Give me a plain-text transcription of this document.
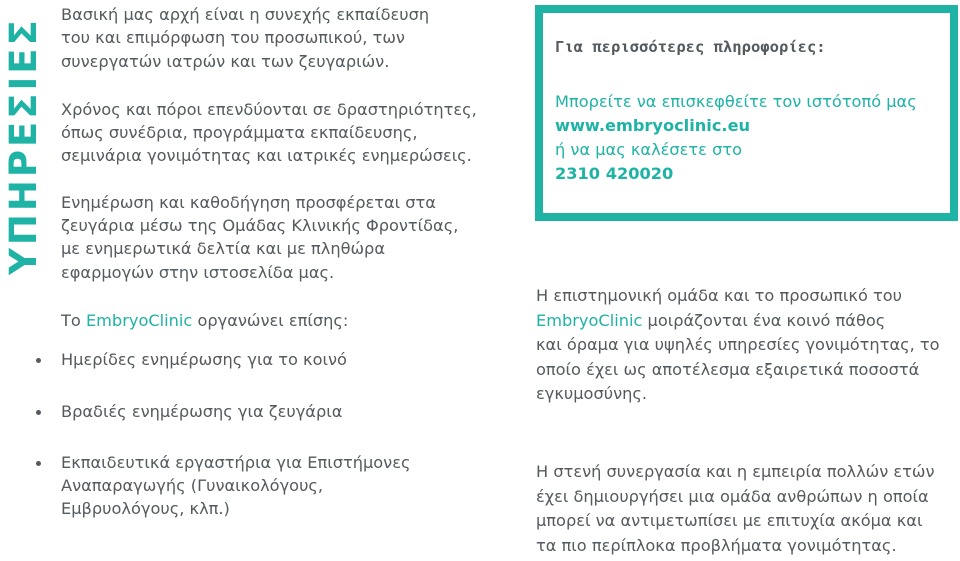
ΥΠΗΡΕΣΙΕΣ

Βασική μας αρχή είναι η συνεχής εκπαίδευση
του και επιμόρφωση του προσωπικού, των
συνεργατών ιατρών και των ζευγαριών.

Χρόνος και πόροι επενδύονται σε δραστηριότητες,
όπως συνέδρια, προγράμματα εκπαίδευσης,
σεμινάρια γονιμότητας και ιατρικές ενημερώσεις.

Ενημέρωση και καθοδήγηση προσφέρεται στα
ζευγάρια μέσω της Ομάδας Κλινικής Φροντίδας,
με ενημερωτικά δελτία και με πληθώρα
εφαρμογών στην ιστοσελίδα μας.

Το EmbryoClinic οργανώνει επίσης:

Ημερίδες ενημέρωσης για το κοινό
Βραδιές ενημέρωσης για ζευγάρια
Εκπαιδευτικά εργαστήρια για Επιστήμονες
Αναπαραγωγής (Γυναικολόγους,
Εμβρυολόγους, κλπ.)
Για περισσότερες πληροφορίες:
Μπορείτε να επισκεφθείτε τον ιστότοπό μας
www.embryoclinic.eu
ή να μας καλέσετε στο
2310 420020
Η επιστημονική ομάδα και το προσωπικό του
EmbryoClinic μοιράζονται ένα κοινό πάθος
και όραμα για υψηλές υπηρεσίες γονιμότητας, το
οποίο έχει ως αποτέλεσμα εξαιρετικά ποσοστά
εγκυμοσύνης.
Η στενή συνεργασία και η εμπειρία πολλών ετών
έχει δημιουργήσει μια ομάδα ανθρώπων η οποία
μπορεί να αντιμετωπίσει με επιτυχία ακόμα και
τα πιο περίπλοκα προβλήματα γονιμότητας.
